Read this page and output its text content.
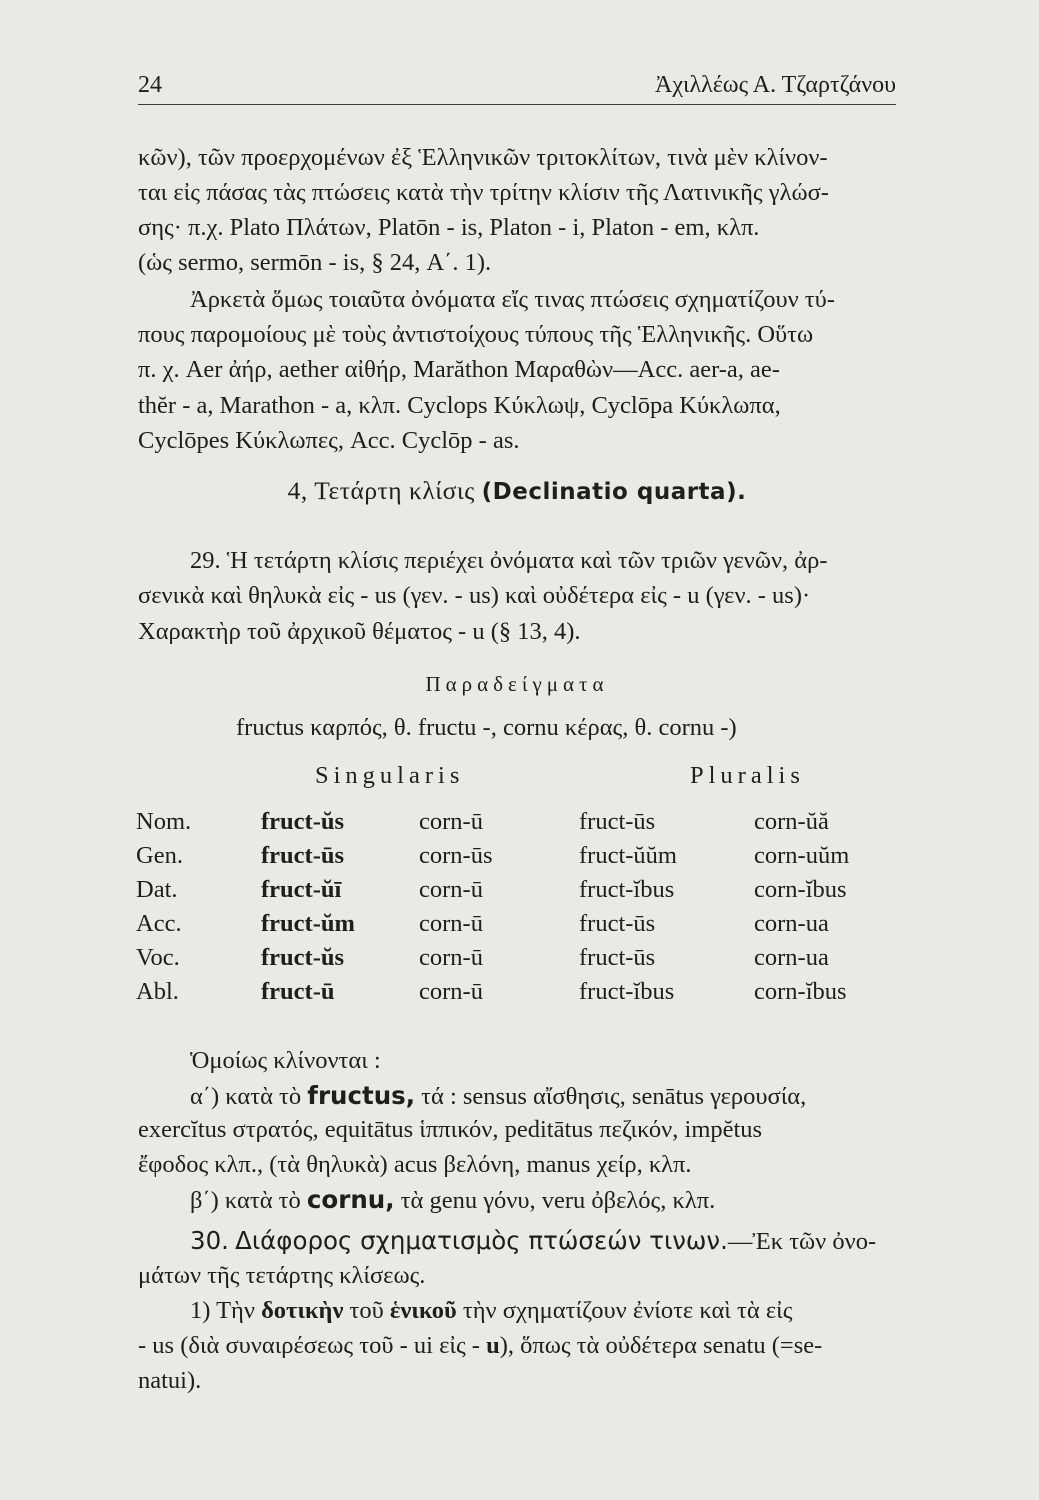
24	Ἀχιλλέως Α. Τζαρτζάνου

κῶν), τῶν προερχομένων ἐξ Ἑλληνικῶν τριτοκλίτων, τινὰ μὲν κλίνον-

ται εἰς πάσας τὰς πτώσεις κατὰ τὴν τρίτην κλίσιν τῆς Λατινικῆς γλώσ-

σης· π.χ. Plato Πλάτων, Platōn - is, Platon - i, Platon - em, κλπ.

(ὡς sermo, sermōn - is, § 24, Α΄. 1).

Ἀρκετὰ ὅμως τοιαῦτα ὀνόματα εἴς τινας πτώσεις σχηματίζουν τύ-

πους παρομοίους μὲ τοὺς ἀντιστοίχους τύπους τῆς Ἑλληνικῆς. Οὕτω

π. χ. Aer ἀήρ, aether αἰθήρ, Marăthon Μαραθὼν—Acc. aer-a, ae-

thĕr - a, Marathon - a, κλπ. Cyclops Κύκλωψ, Cyclōpa Κύκλωπα,

Cyclōpes Κύκλωπες, Acc. Cyclōp - as.

4, Τετάρτη κλίσις (Declinatio quarta).

29. Ἡ τετάρτη κλίσις περιέχει ὀνόματα καὶ τῶν τριῶν γενῶν, ἀρ-

σενικὰ καὶ θηλυκὰ εἰς - us (γεν. - us) καὶ οὐδέτερα εἰς - u (γεν. - us)·

Χαρακτὴρ τοῦ ἀρχικοῦ θέματος - u (§ 13, 4).

Παραδείγματα
fructus καρπός, θ. fructu -, cornu κέρας, θ. cornu -)
Singularis	Pluralis
Nom.	fruct-ŭs	corn-ū	fruct-ūs	corn-ŭă
Gen.	fruct-ūs	corn-ūs	fruct-ŭŭm	corn-uŭm
Dat.	fruct-ŭī	corn-ū	fruct-ĭbus	corn-ĭbus
Acc.	fruct-ŭm	corn-ū	fruct-ūs	corn-ua
Voc.	fruct-ŭs	corn-ū	fruct-ūs	corn-ua
Abl.	fruct-ū	corn-ū	fruct-ĭbus	corn-ĭbus

Ὁμοίως κλίνονται :

α΄) κατὰ τὸ fructus, τά : sensus αἴσθησις, senātus γερουσία,

exercĭtus στρατός, equitātus ἱππικόν, peditātus πεζικόν, impĕtus

ἔφοδος κλπ., (τὰ θηλυκὰ) acus βελόνη, manus χείρ, κλπ.

β΄) κατὰ τὸ cornu, τὰ genu γόνυ, veru ὀβελός, κλπ.

30. Διάφορος σχηματισμὸς πτώσεών τινων.—Ἐκ τῶν ὀνο-

μάτων τῆς τετάρτης κλίσεως.

1) Τὴν δοτικὴν τοῦ ἑνικοῦ τὴν σχηματίζουν ἐνίοτε καὶ τὰ εἰς

- us (διὰ συναιρέσεως τοῦ - ui εἰς - u), ὅπως τὰ οὐδέτερα senatu (=se-

natui).
